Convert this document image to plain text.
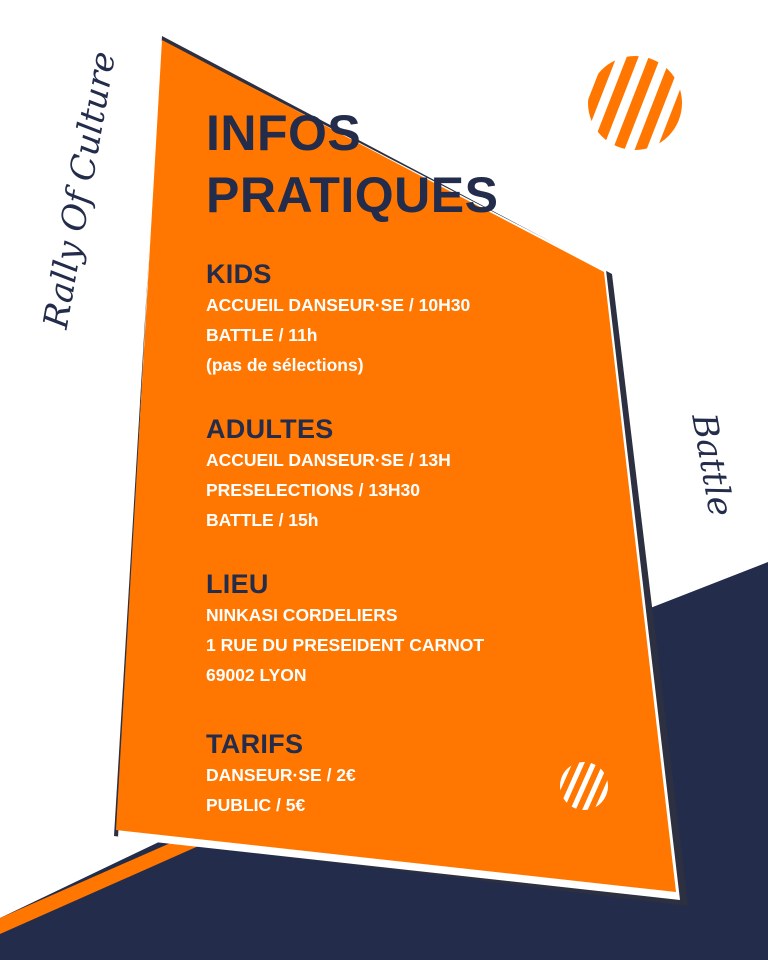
Rally Of Culture
Battle
INFOS
PRATIQUES

KIDS

ACCUEIL DANSEUR·SE / 10H30

BATTLE / 11h

(pas de sélections)

ADULTES

ACCUEIL DANSEUR·SE / 13H

PRESELECTIONS / 13H30

BATTLE / 15h

LIEU

NINKASI CORDELIERS

1 RUE DU PRESEIDENT CARNOT

69002 LYON

TARIFS

DANSEUR·SE / 2€

PUBLIC / 5€
